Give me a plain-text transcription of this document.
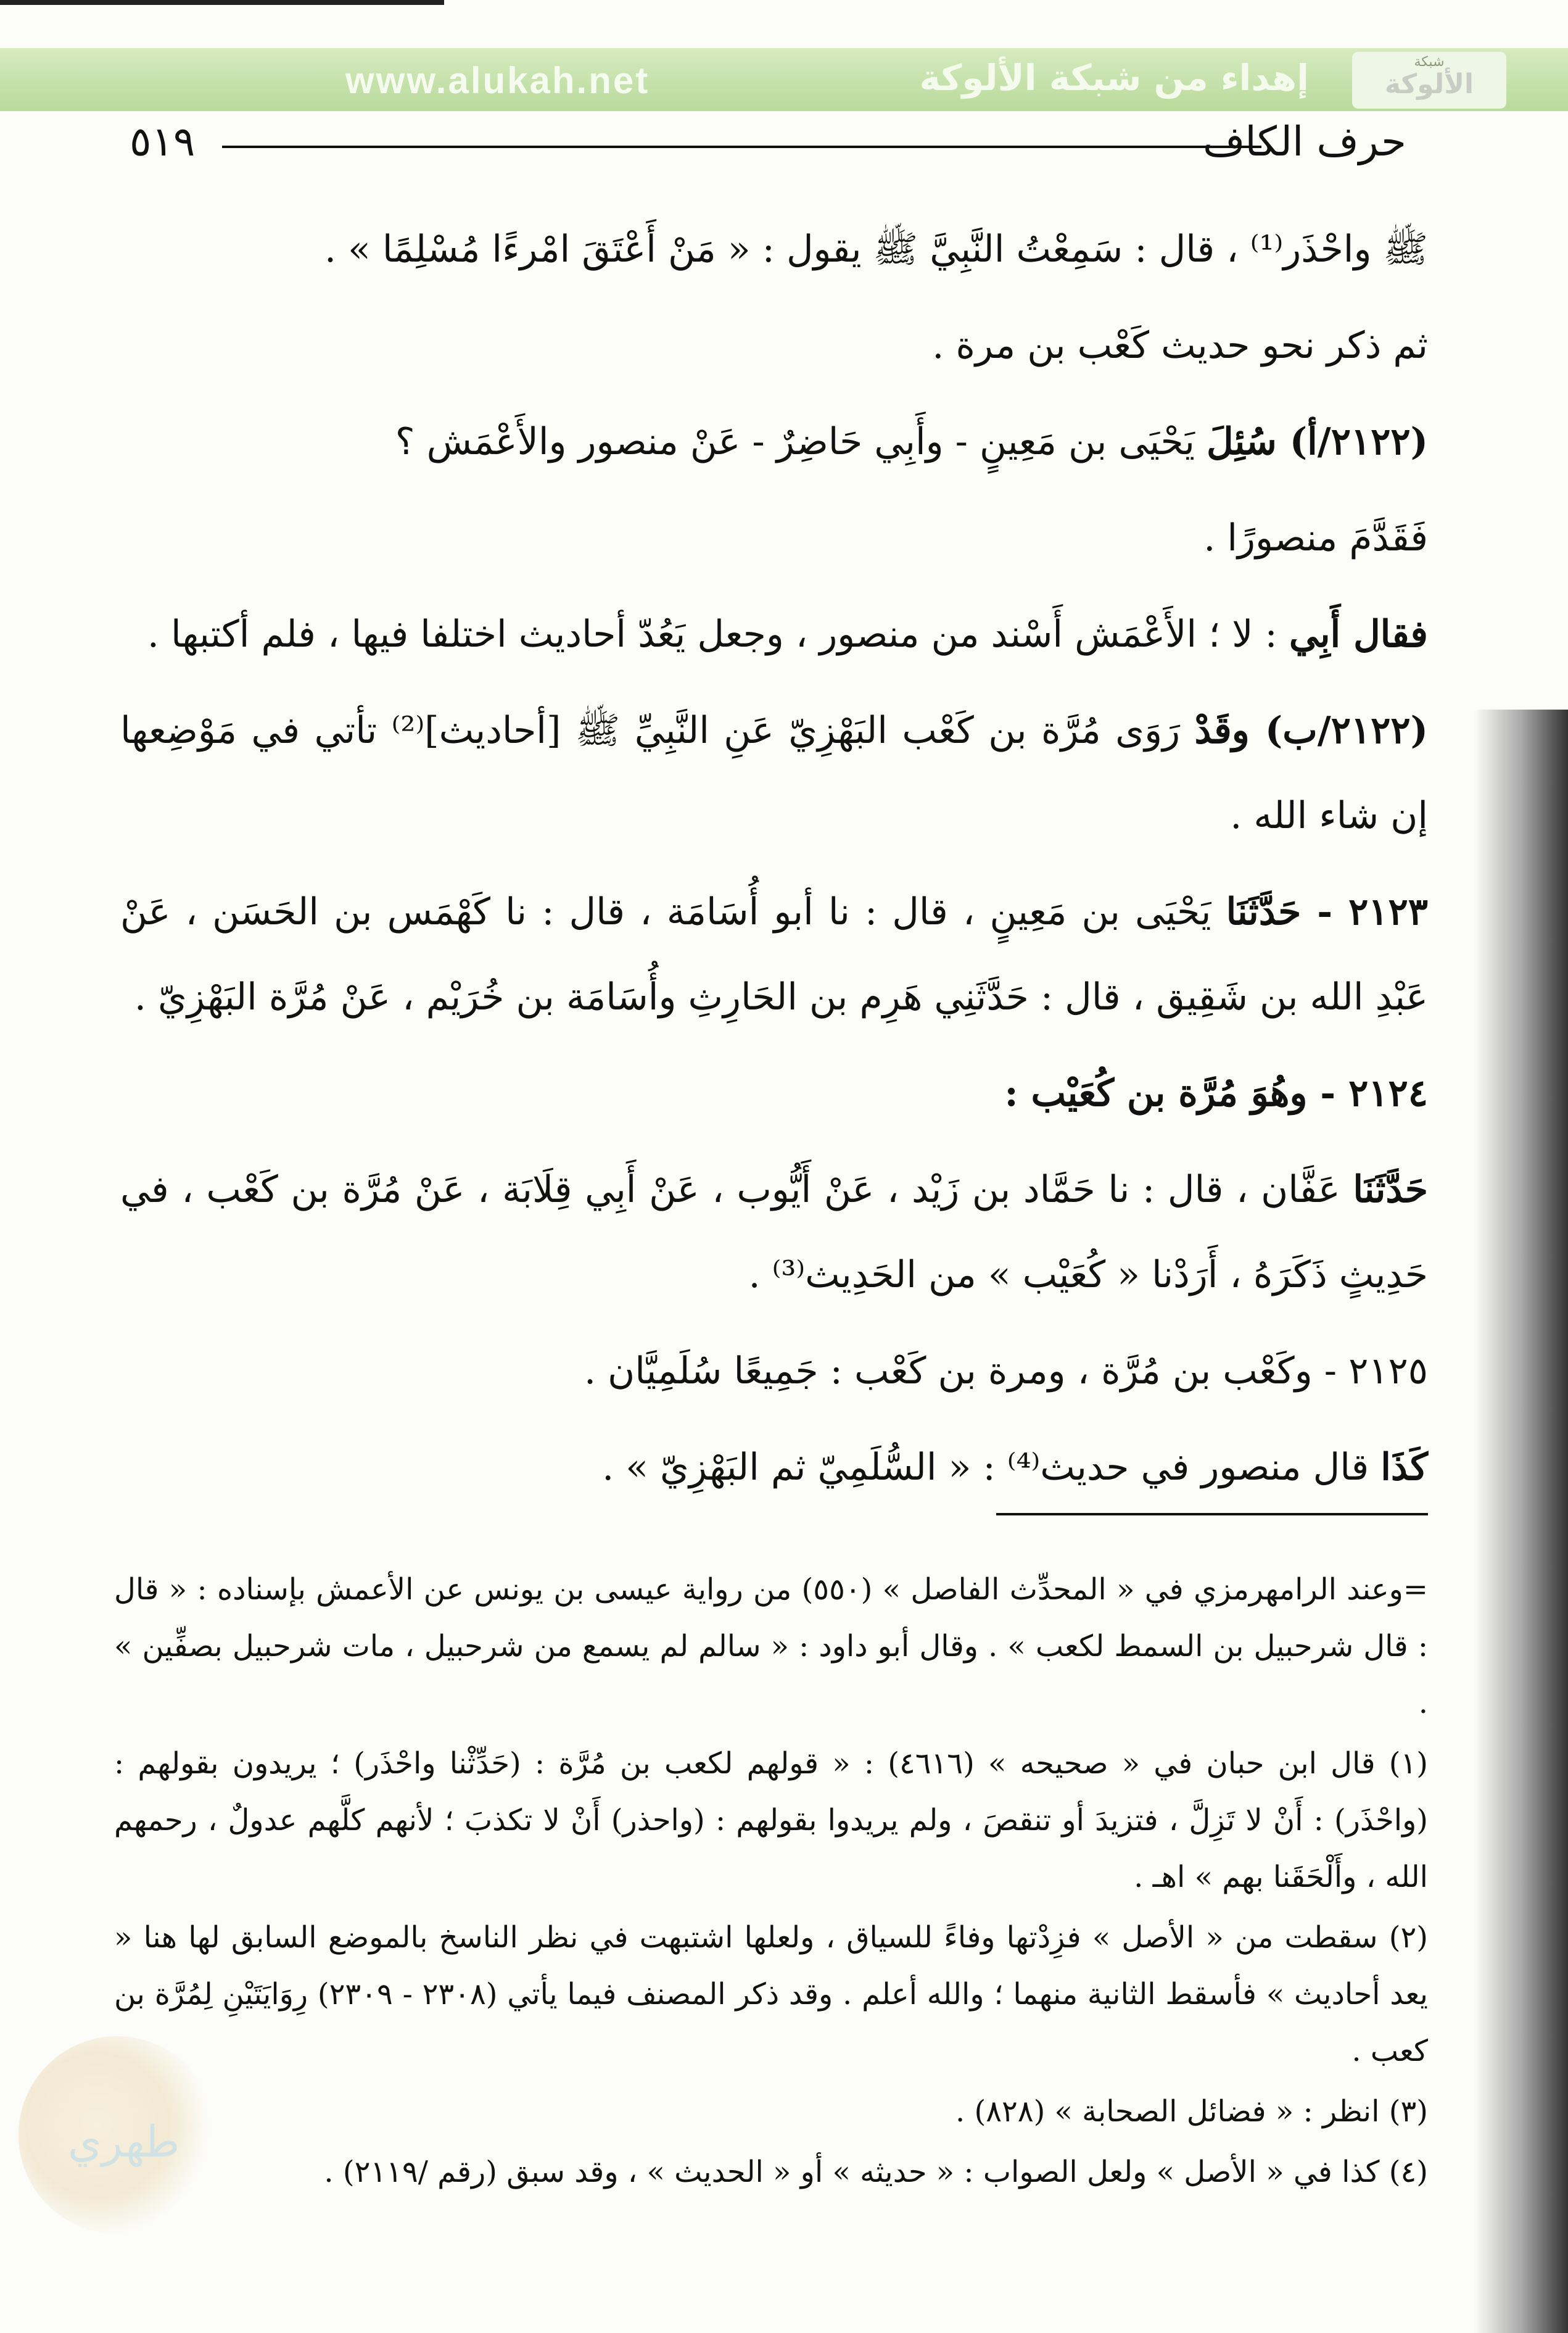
www.alukah.net	إهداء من شبكة الألوكة	شبكة
الألوكة
حرف الكاف
٥١٩

ﷺ واحْذَر⁽¹⁾ ، قال : سَمِعْتُ النَّبِيَّ ﷺ يقول : « مَنْ أَعْتَقَ امْرءًا مُسْلِمًا » .

ثم ذكر نحو حديث كَعْب بن مرة .

(٢١٢٢/أ) سُئِلَ يَحْيَى بن مَعِينٍ - وأَبِي حَاضِرٌ - عَنْ منصور والأَعْمَش ؟

فَقَدَّمَ منصورًا .

فقال أَبِي : لا ؛ الأَعْمَش أَسْند من منصور ، وجعل يَعُدّ أحاديث اختلفا فيها ، فلم أكتبها .

(٢١٢٢/ب) وقَدْ رَوَى مُرَّة بن كَعْب البَهْزِيّ عَنِ النَّبِيِّ ﷺ [أحاديث]⁽²⁾ تأتي في مَوْضِعها إن شاء الله .

٢١٢٣ - حَدَّثَنَا يَحْيَى بن مَعِينٍ ، قال : نا أبو أُسَامَة ، قال : نا كَهْمَس بن الحَسَن ، عَنْ عَبْدِ الله بن شَقِيق ، قال : حَدَّثَنِي هَرِم بن الحَارِثِ وأُسَامَة بن خُرَيْم ، عَنْ مُرَّة البَهْزِيّ .

٢١٢٤ - وهُوَ مُرَّة بن كُعَيْب :

حَدَّثَنَا عَفَّان ، قال : نا حَمَّاد بن زَيْد ، عَنْ أَيُّوب ، عَنْ أَبِي قِلَابَة ، عَنْ مُرَّة بن كَعْب ، في حَدِيثٍ ذَكَرَهُ ، أَرَدْنا « كُعَيْب » من الحَدِيث⁽³⁾ .

٢١٢٥ - وكَعْب بن مُرَّة ، ومرة بن كَعْب : جَمِيعًا سُلَمِيَّان .

كَذَا قال منصور في حديث⁽⁴⁾ : « السُّلَمِيّ ثم البَهْزِيّ » .

=وعند الرامهرمزي في « المحدِّث الفاصل » (٥٥٠) من رواية عيسى بن يونس عن الأعمش بإسناده : « قال : قال شرحبيل بن السمط لكعب » . وقال أبو داود : « سالم لم يسمع من شرحبيل ، مات شرحبيل بصفِّين » .

(١) قال ابن حبان في « صحيحه » (٤٦١٦) : « قولهم لكعب بن مُرَّة : (حَدِّثْنا واحْذَر) ؛ يريدون بقولهم : (واحْذَر) : أَنْ لا تَزِلَّ ، فتزيدَ أو تنقصَ ، ولم يريدوا بقولهم : (واحذر) أَنْ لا تكذبَ ؛ لأنهم كلَّهم عدولٌ ، رحمهم الله ، وأَلْحَقَنا بهم » اهـ .

(٢) سقطت من « الأصل » فزِدْتها وفاءً للسياق ، ولعلها اشتبهت في نظر الناسخ بالموضع السابق لها هنا « يعد أحاديث » فأسقط الثانية منهما ؛ والله أعلم . وقد ذكر المصنف فيما يأتي (٢٣٠٨ - ٢٣٠٩) رِوَايَتَيْنِ لِمُرَّة بن كعب .

(٣) انظر : « فضائل الصحابة » (٨٢٨) .

(٤) كذا في « الأصل » ولعل الصواب : « حديثه » أو « الحديث » ، وقد سبق (رقم /٢١١٩) .

طهري
